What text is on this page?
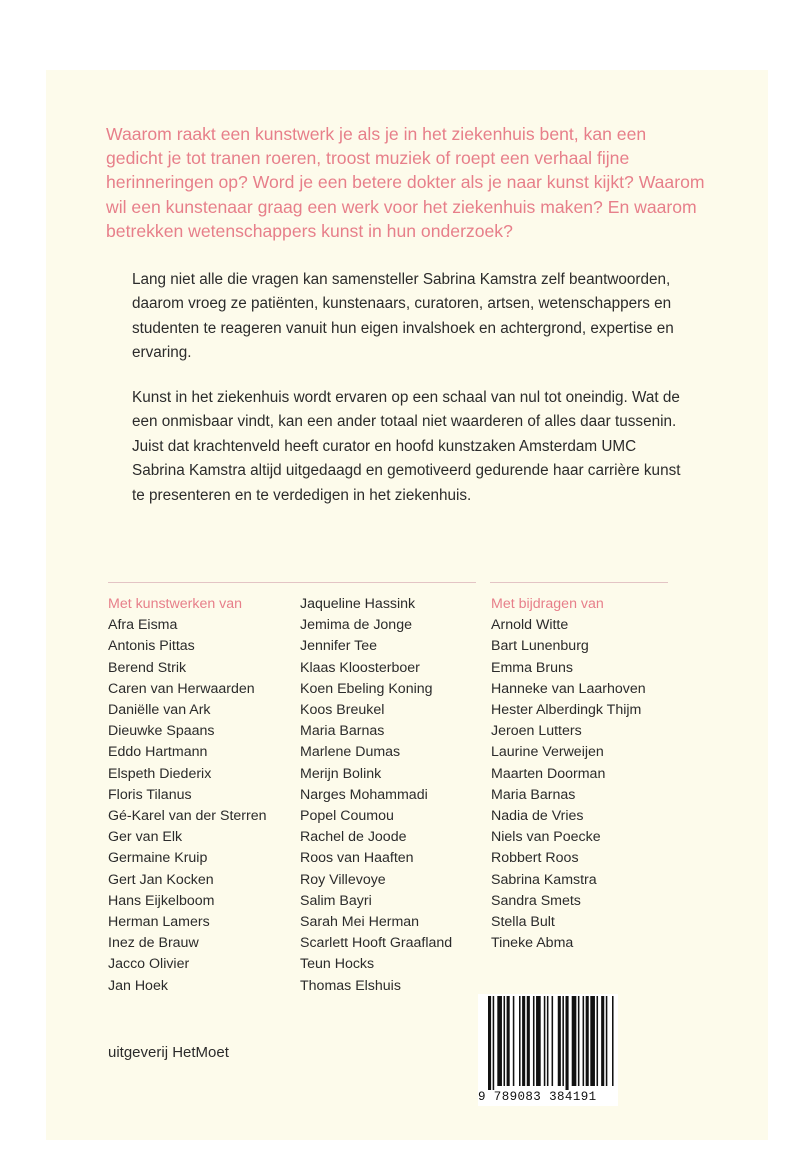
Waarom raakt een kunstwerk je als je in het ziekenhuis bent, kan een gedicht je tot tranen roeren, troost muziek of roept een verhaal fijne herinneringen op? Word je een betere dokter als je naar kunst kijkt? Waarom wil een kunstenaar graag een werk voor het ziekenhuis maken? En waarom betrekken wetenschappers kunst in hun onderzoek?

Lang niet alle die vragen kan samensteller Sabrina Kamstra zelf beantwoorden, daarom vroeg ze patiënten, kunstenaars, curatoren, artsen, wetenschappers en studenten te reageren vanuit hun eigen invalshoek en achtergrond, expertise en ervaring.

Kunst in het ziekenhuis wordt ervaren op een schaal van nul tot oneindig. Wat de een onmisbaar vindt, kan een ander totaal niet waarderen of alles daar tussenin. Juist dat krachtenveld heeft curator en hoofd kunstzaken Amsterdam UMC Sabrina Kamstra altijd uitgedaagd en gemotiveerd gedurende haar carrière kunst te presenteren en te verdedigen in het ziekenhuis.

Met kunstwerken van
Afra Eisma
Antonis Pittas
Berend Strik
Caren van Herwaarden
Daniëlle van Ark
Dieuwke Spaans
Eddo Hartmann
Elspeth Diederix
Floris Tilanus
Gé-Karel van der Sterren
Ger van Elk
Germaine Kruip
Gert Jan Kocken
Hans Eijkelboom
Herman Lamers
Inez de Brauw
Jacco Olivier
Jan Hoek
Jaqueline Hassink
Jemima de Jonge
Jennifer Tee
Klaas Kloosterboer
Koen Ebeling Koning
Koos Breukel
Maria Barnas
Marlene Dumas
Merijn Bolink
Narges Mohammadi
Popel Coumou
Rachel de Joode
Roos van Haaften
Roy Villevoye
Salim Bayri
Sarah Mei Herman
Scarlett Hooft Graafland
Teun Hocks
Thomas Elshuis
Met bijdragen van
Arnold Witte
Bart Lunenburg
Emma Bruns
Hanneke van Laarhoven
Hester Alberdingk Thijm
Jeroen Lutters
Laurine Verweijen
Maarten Doorman
Maria Barnas
Nadia de Vries
Niels van Poecke
Robbert Roos
Sabrina Kamstra
Sandra Smets
Stella Bult
Tineke Abma
uitgeverij HetMoet
9 789083 384191
